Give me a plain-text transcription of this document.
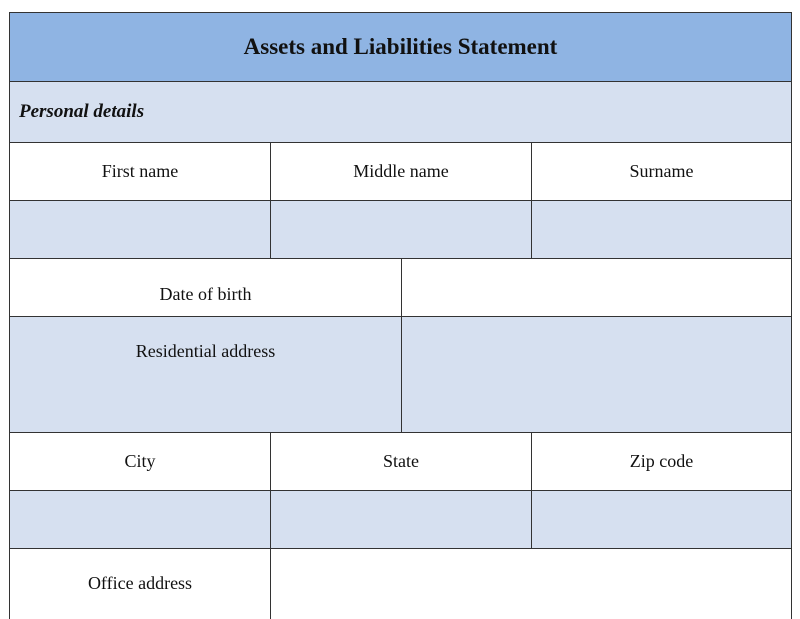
Assets and Liabilities Statement
Personal details
First name	Middle name	Surname
Date of birth
Residential address
City	State	Zip code
Office address
